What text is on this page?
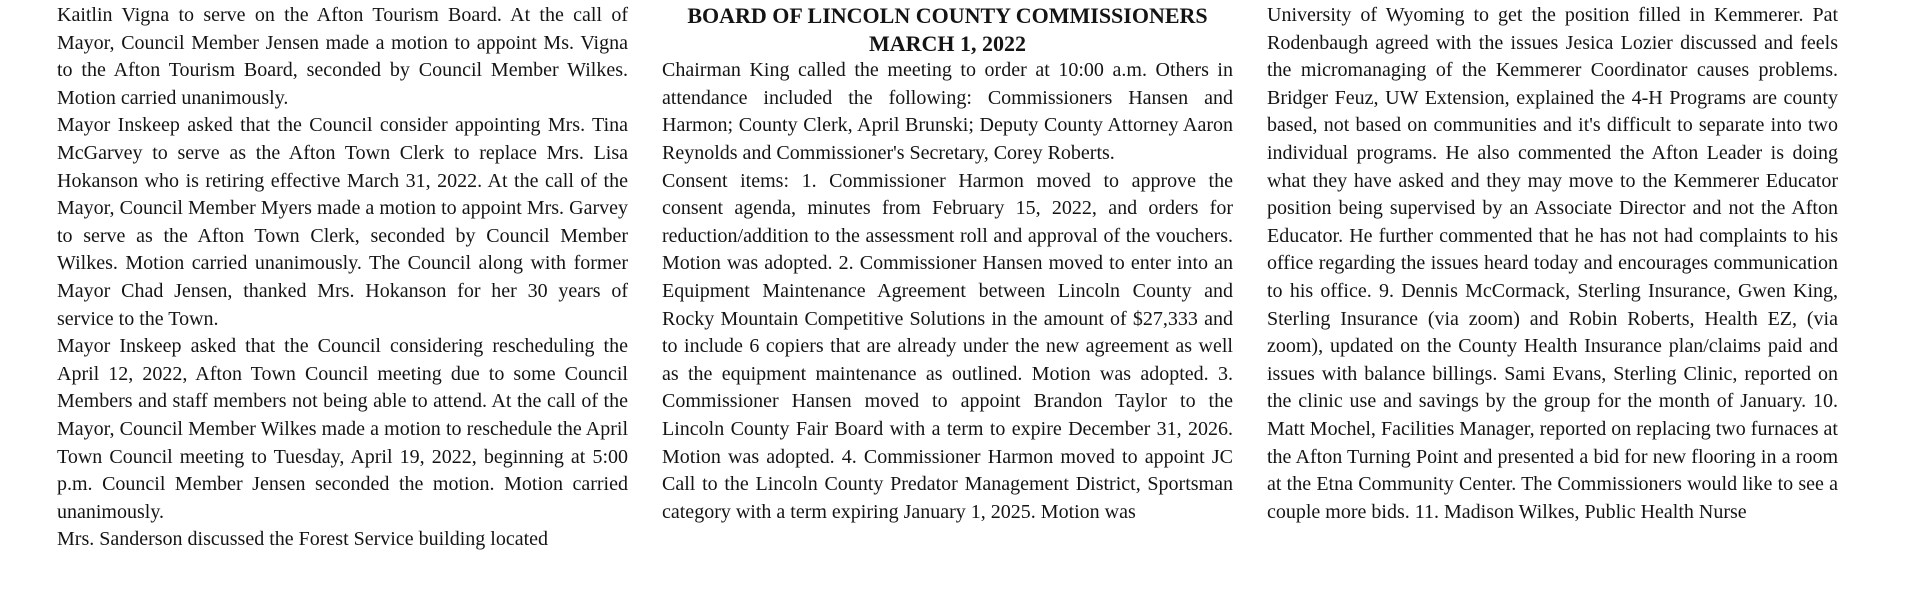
Kaitlin Vigna to serve on the Afton Tourism Board. At the call of Mayor, Council Member Jensen made a motion to appoint Ms. Vigna to the Afton Tourism Board, seconded by Council Member Wilkes. Motion carried unanimously.

Mayor Inskeep asked that the Council consider appointing Mrs. Tina McGarvey to serve as the Afton Town Clerk to replace Mrs. Lisa Hokanson who is retiring effective March 31, 2022. At the call of the Mayor, Council Member Myers made a motion to appoint Mrs. Garvey to serve as the Afton Town Clerk, seconded by Council Member Wilkes. Motion carried unanimously. The Council along with former Mayor Chad Jensen, thanked Mrs. Hokanson for her 30 years of service to the Town.

Mayor Inskeep asked that the Council considering rescheduling the April 12, 2022, Afton Town Council meeting due to some Council Members and staff members not being able to attend. At the call of the Mayor, Council Member Wilkes made a motion to reschedule the April Town Council meeting to Tuesday, April 19, 2022, beginning at 5:00 p.m. Council Member Jensen seconded the motion. Motion carried unanimously.

Mrs. Sanderson discussed the Forest Service building located

BOARD OF LINCOLN COUNTY COMMISSIONERS
MARCH 1, 2022

Chairman King called the meeting to order at 10:00 a.m. Others in attendance included the following: Commissioners Hansen and Harmon; County Clerk, April Brunski; Deputy County Attorney Aaron Reynolds and Commissioner's Secretary, Corey Roberts.

Consent items: 1. Commissioner Harmon moved to approve the consent agenda, minutes from February 15, 2022, and orders for reduction/addition to the assessment roll and approval of the vouchers. Motion was adopted. 2. Commissioner Hansen moved to enter into an Equipment Maintenance Agreement between Lincoln County and Rocky Mountain Competitive Solutions in the amount of $27,333 and to include 6 copiers that are already under the new agreement as well as the equipment maintenance as outlined. Motion was adopted. 3. Commissioner Hansen moved to appoint Brandon Taylor to the Lincoln County Fair Board with a term to expire December 31, 2026. Motion was adopted. 4. Commissioner Harmon moved to appoint JC Call to the Lincoln County Predator Management District, Sportsman category with a term expiring January 1, 2025. Motion was

University of Wyoming to get the position filled in Kemmerer. Pat Rodenbaugh agreed with the issues Jesica Lozier discussed and feels the micromanaging of the Kemmerer Coordinator causes problems. Bridger Feuz, UW Extension, explained the 4-H Programs are county based, not based on communities and it's difficult to separate into two individual programs. He also commented the Afton Leader is doing what they have asked and they may move to the Kemmerer Educator position being supervised by an Associate Director and not the Afton Educator. He further commented that he has not had complaints to his office regarding the issues heard today and encourages communication to his office. 9. Dennis McCormack, Sterling Insurance, Gwen King, Sterling Insurance (via zoom) and Robin Roberts, Health EZ, (via zoom), updated on the County Health Insurance plan/claims paid and issues with balance billings. Sami Evans, Sterling Clinic, reported on the clinic use and savings by the group for the month of January. 10. Matt Mochel, Facilities Manager, reported on replacing two furnaces at the Afton Turning Point and presented a bid for new flooring in a room at the Etna Community Center. The Commissioners would like to see a couple more bids. 11. Madison Wilkes, Public Health Nurse
